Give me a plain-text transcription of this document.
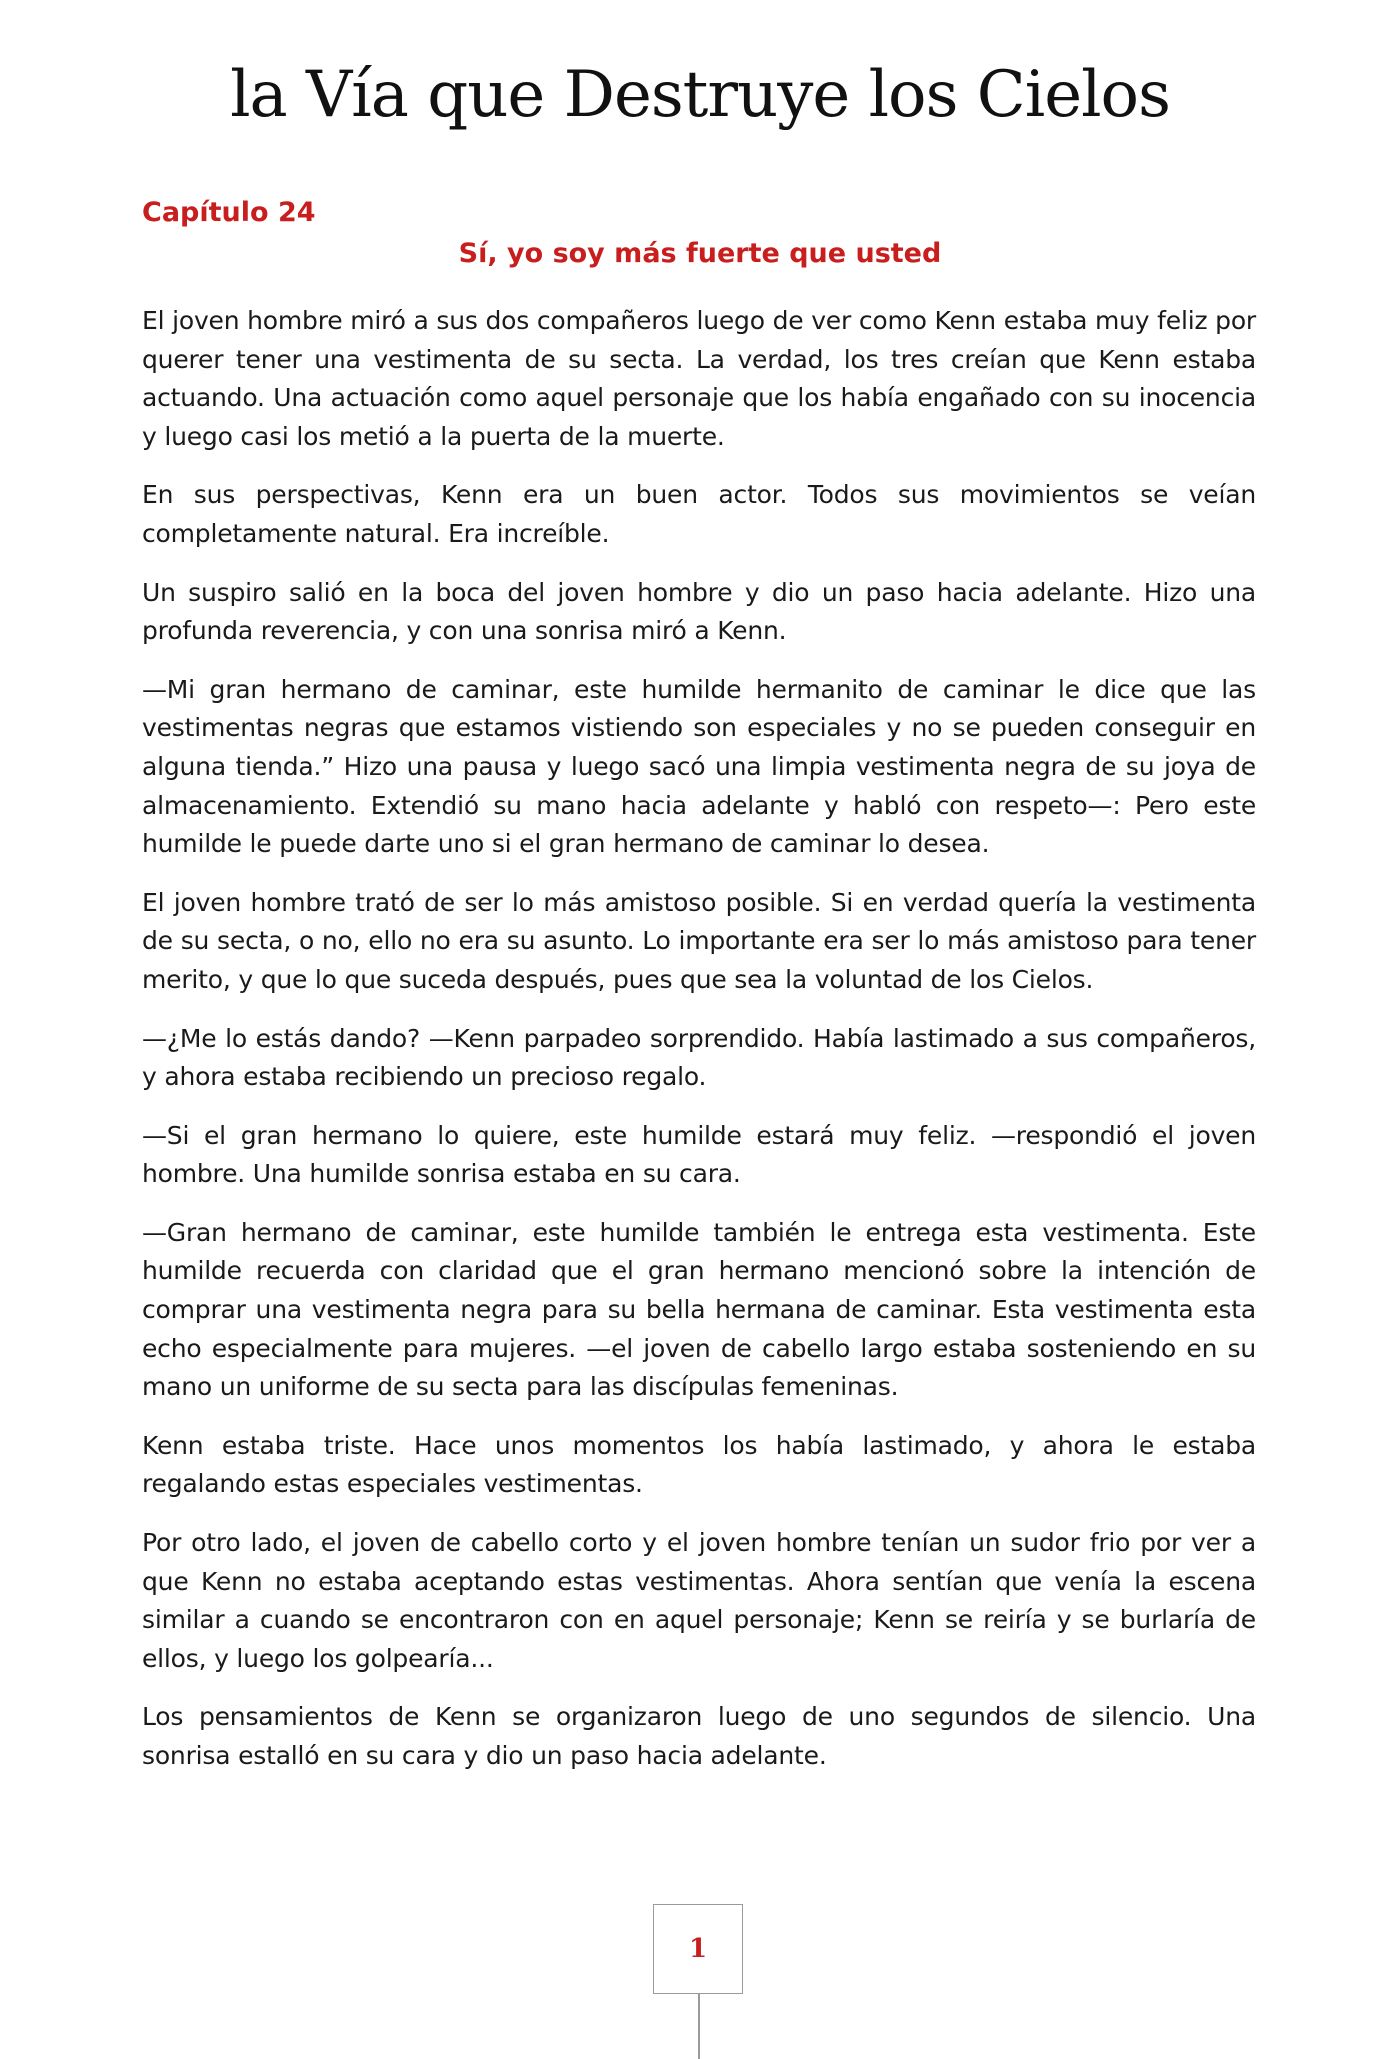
la Vía que Destruye los Cielos
Capítulo 24
Sí, yo soy más fuerte que usted

El joven hombre miró a sus dos compañeros luego de ver como Kenn estaba muy feliz por querer tener una vestimenta de su secta. La verdad, los tres creían que Kenn estaba actuando. Una actuación como aquel personaje que los había engañado con su inocencia y luego casi los metió a la puerta de la muerte.

En sus perspectivas, Kenn era un buen actor. Todos sus movimientos se veían completamente natural. Era increíble.

Un suspiro salió en la boca del joven hombre y dio un paso hacia adelante. Hizo una profunda reverencia, y con una sonrisa miró a Kenn.

—Mi gran hermano de caminar, este humilde hermanito de caminar le dice que las vestimentas negras que estamos vistiendo son especiales y no se pueden conseguir en alguna tienda.” Hizo una pausa y luego sacó una limpia vestimenta negra de su joya de almacenamiento. Extendió su mano hacia adelante y habló con respeto—: Pero este humilde le puede darte uno si el gran hermano de caminar lo desea.

El joven hombre trató de ser lo más amistoso posible. Si en verdad quería la vestimenta de su secta, o no, ello no era su asunto. Lo importante era ser lo más amistoso para tener merito, y que lo que suceda después, pues que sea la voluntad de los Cielos.

—¿Me lo estás dando? —Kenn parpadeo sorprendido. Había lastimado a sus compañeros, y ahora estaba recibiendo un precioso regalo.

—Si el gran hermano lo quiere, este humilde estará muy feliz. —respondió el joven hombre. Una humilde sonrisa estaba en su cara.

—Gran hermano de caminar, este humilde también le entrega esta vestimenta. Este humilde recuerda con claridad que el gran hermano mencionó sobre la intención de comprar una vestimenta negra para su bella hermana de caminar. Esta vestimenta esta echo especialmente para mujeres. —el joven de cabello largo estaba sosteniendo en su mano un uniforme de su secta para las discípulas femeninas.

Kenn estaba triste. Hace unos momentos los había lastimado, y ahora le estaba regalando estas especiales vestimentas.

Por otro lado, el joven de cabello corto y el joven hombre tenían un sudor frio por ver a que Kenn no estaba aceptando estas vestimentas. Ahora sentían que venía la escena similar a cuando se encontraron con en aquel personaje; Kenn se reiría y se burlaría de ellos, y luego los golpearía...

Los pensamientos de Kenn se organizaron luego de uno segundos de silencio. Una sonrisa estalló en su cara y dio un paso hacia adelante.

1
